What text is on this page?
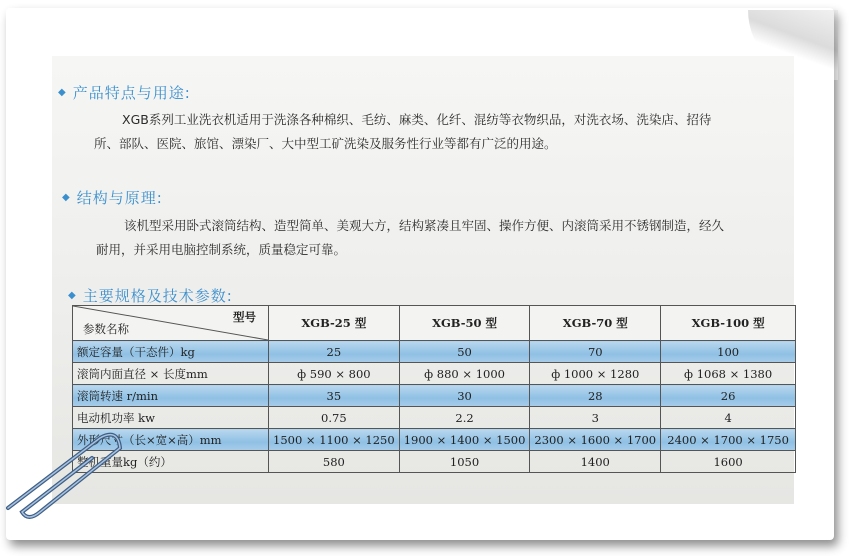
◆ 产品特点与用途:
XGB系列工业洗衣机适用于洗涤各种棉织、毛纺、麻类、化纤、混纺等衣物织品，对洗衣场、洗染店、招待
所、部队、医院、旅馆、漂染厂、大中型工矿洗染及服务性行业等都有广泛的用途。
◆ 结构与原理:
该机型采用卧式滚筒结构、造型简单、美观大方，结构紧凑且牢固、操作方便、内滚筒采用不锈钢制造，经久
耐用，并采用电脑控制系统，质量稳定可靠。
◆ 主要规格及技术参数:
型号
参数名称	XGB-25 型	XGB-50 型	XGB-70 型	XGB-100 型
额定容量（干态件）kg	25	50	70	100
滚筒内面直径 × 长度mm	ф 590 × 800	ф 880 × 1000	ф 1000 × 1280	ф 1068 × 1380
滚筒转速 r/min	35	30	28	26
电动机功率 kw	0.75	2.2	3	4
外形尺寸（长×宽×高）mm	1500 × 1100 × 1250	1900 × 1400 × 1500	2300 × 1600 × 1700	2400 × 1700 × 1750
整机重量kg（约）	580	1050	1400	1600
